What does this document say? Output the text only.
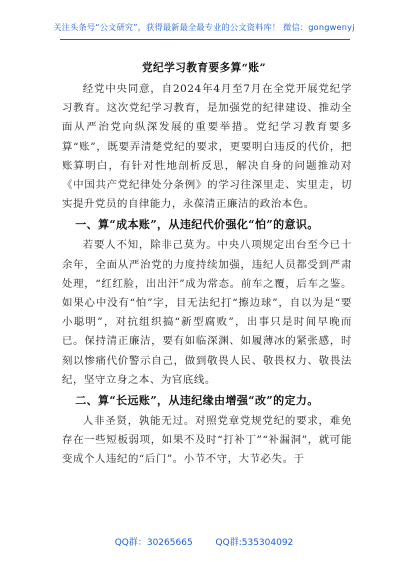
关注头条号“公文研究”，获得最新最全最专业的公文资料库！ 微信：gongwenyj
党纪学习教育要多算“账”

经党中央同意，自2024年4月至7月在全党开展党纪学习教育。这次党纪学习教育，是加强党的纪律建设、推动全面从严治党向纵深发展的重要举措。党纪学习教育要多算“账”，既要弄清楚党纪的要求，更要明白违反的代价，把账算明白，有针对性地剖析反思，解决自身的问题推动对《中国共产党纪律处分条例》的学习往深里走、实里走，切实提升党员的自律能力，永葆清正廉洁的政治本色。

一、算“成本账”，从违纪代价强化“怕”的意识。

若要人不知，除非己莫为。中央八项规定出台至今已十余年，全面从严治党的力度持续加强，违纪人员都受到严肃处理，“红红脸，出出汗”成为常态。前车之覆，后车之鉴。如果心中没有“怕”字，目无法纪打“擦边球”，自以为是“要小聪明”，对抗组织搞“新型腐败”，出事只是时间早晚而已。保持清正廉洁，要有如临深渊、如履薄冰的紧张感，时刻以惨痛代价警示自己，做到敬畏人民、敬畏权力、敬畏法纪，坚守立身之本、为官底线。

二、算“长远账”，从违纪缘由增强“改”的定力。

人非圣贤，孰能无过。对照党章党规党纪的要求，难免存在一些短板弱项，如果不及时“打补丁”“补漏洞”，就可能变成个人违纪的“后门”。小节不守，大节必失。于

QQ群：30265665	QQ群:535304092
